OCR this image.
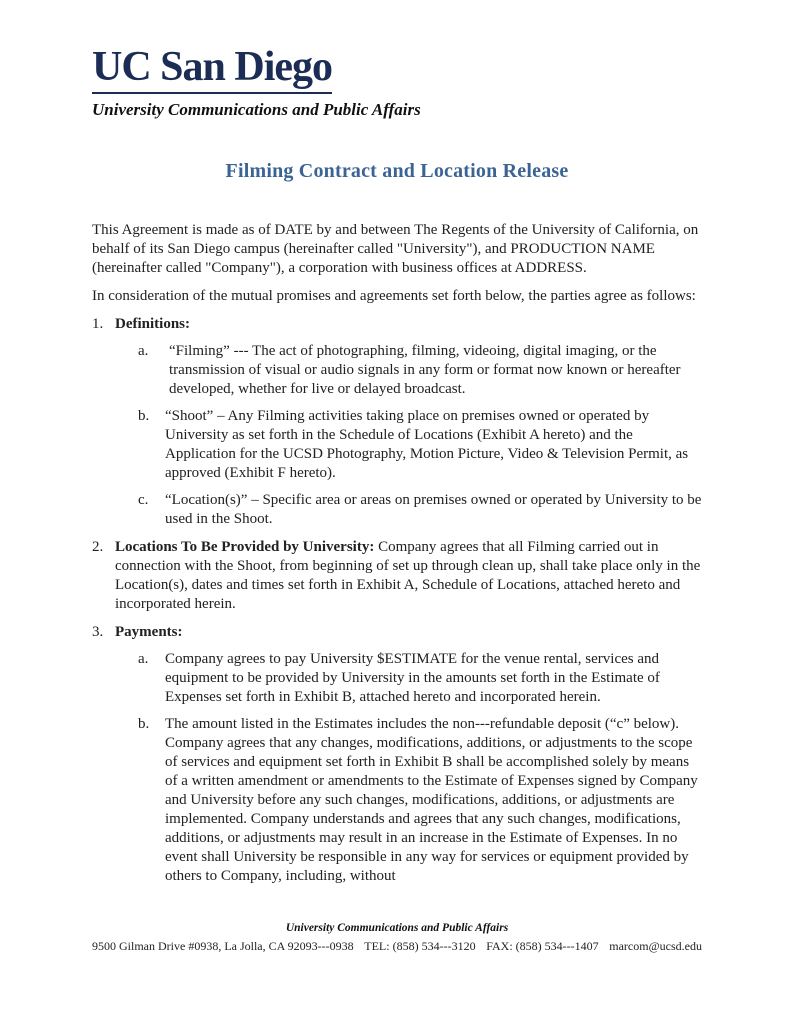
UC San Diego
University Communications and Public Affairs
Filming Contract and Location Release

This Agreement is made as of DATE by and between The Regents of the University of California, on behalf of its San Diego campus (hereinafter called "University"), and PRODUCTION NAME (hereinafter called "Company"), a corporation with business offices at ADDRESS.

In consideration of the mutual promises and agreements set forth below, the parties agree as follows:

1. Definitions:
a.	“Filming” --- The act of photographing, filming, videoing, digital imaging, or the transmission of visual or audio signals in any form or format now known or hereafter developed, whether for live or delayed broadcast.
b.	“Shoot” – Any Filming activities taking place on premises owned or operated by University as set forth in the Schedule of Locations (Exhibit A hereto) and the Application for the UCSD Photography, Motion Picture, Video & Television Permit, as approved (Exhibit F hereto).
c.	“Location(s)” – Specific area or areas on premises owned or operated by University to be used in the Shoot.
2. Locations To Be Provided by University: Company agrees that all Filming carried out in connection with the Shoot, from beginning of set up through clean up, shall take place only in the Location(s), dates and times set forth in Exhibit A, Schedule of Locations, attached hereto and incorporated herein.
3. Payments:
a.	Company agrees to pay University $ESTIMATE for the venue rental, services and equipment to be provided by University in the amounts set forth in the Estimate of Expenses set forth in Exhibit B, attached hereto and incorporated herein.
b.	The amount listed in the Estimates includes the non---refundable deposit (“c” below). Company agrees that any changes, modifications, additions, or adjustments to the scope of services and equipment set forth in Exhibit B shall be accomplished solely by means of a written amendment or amendments to the Estimate of Expenses signed by Company and University before any such changes, modifications, additions, or adjustments are implemented. Company understands and agrees that any such changes, modifications, additions, or adjustments may result in an increase in the Estimate of Expenses. In no event shall University be responsible in any way for services or equipment provided by others to Company, including, without
University Communications and Public Affairs
9500 Gilman Drive #0938, La Jolla, CA 92093---0938 TEL: (858) 534---3120 FAX: (858) 534---1407 marcom@ucsd.edu
